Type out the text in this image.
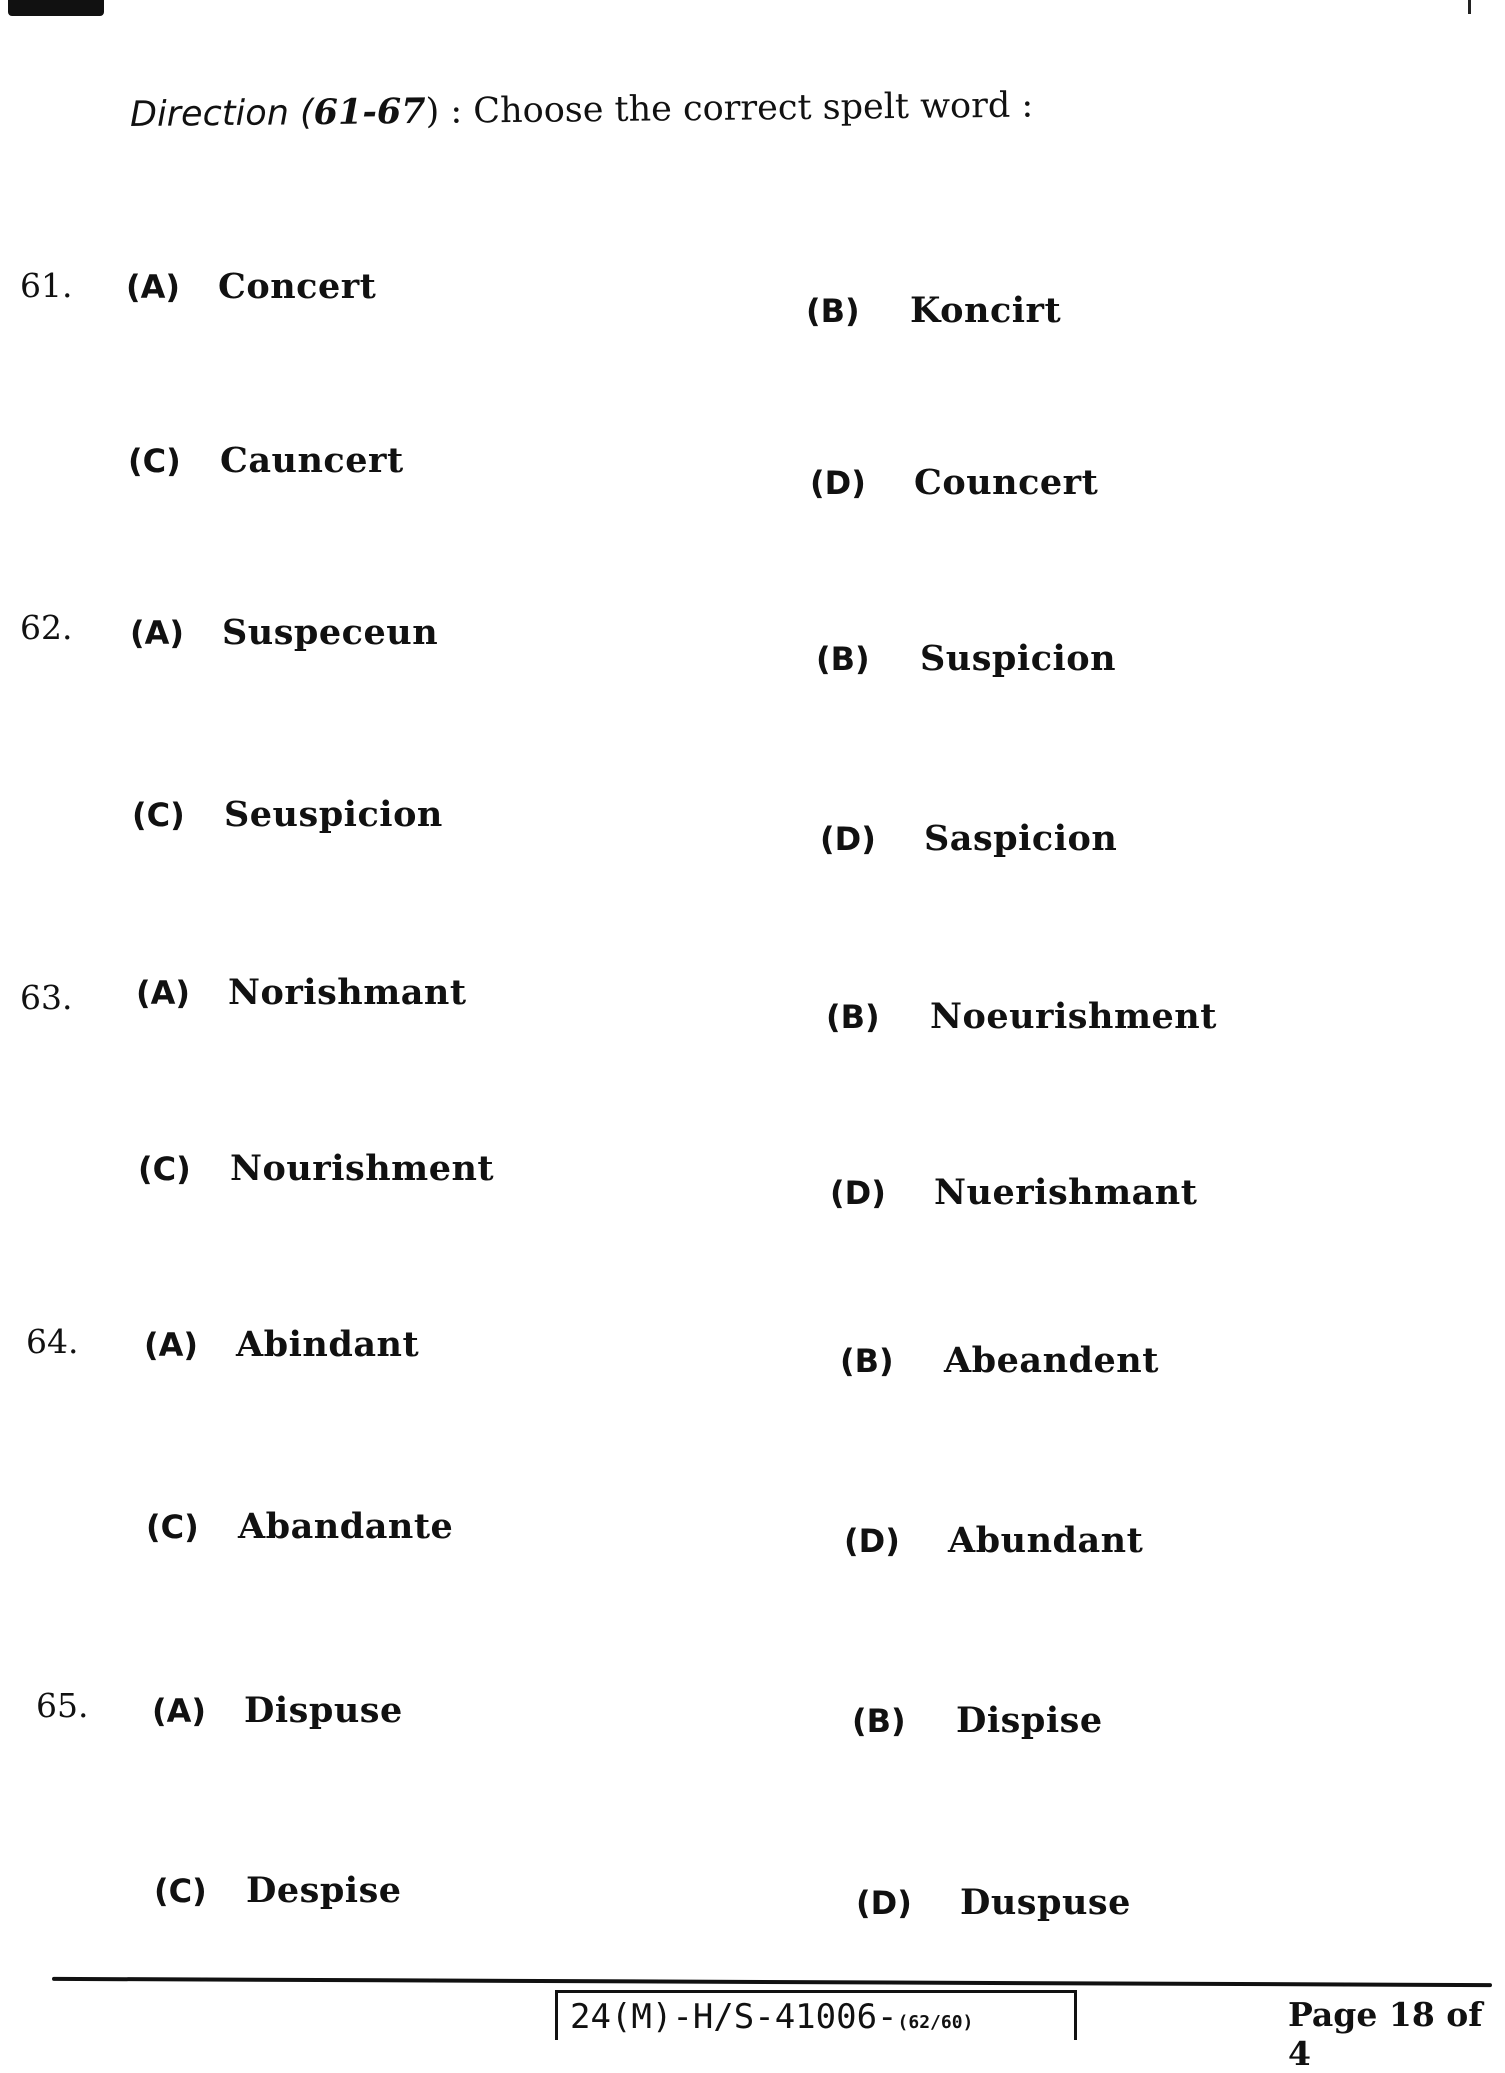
Direction (61-67) : Choose the correct spelt word :
61. (A) Concert
(B) Koncirt
(C) Cauncert
(D) Councert
62. (A) Suspeceun
(B) Suspicion
(C) Seuspicion
(D) Saspicion
63. (A) Norishmant
(B) Noeurishment
(C) Nourishment
(D) Nuerishmant
64. (A) Abindant	(B) Abeandent
(C) Abandante	(D) Abundant
65. (A) Dispuse	(B) Dispise
(C) Despise	(D) Duspuse
24(M)-H/S-41006-(62/60)	Page 18 of 4
